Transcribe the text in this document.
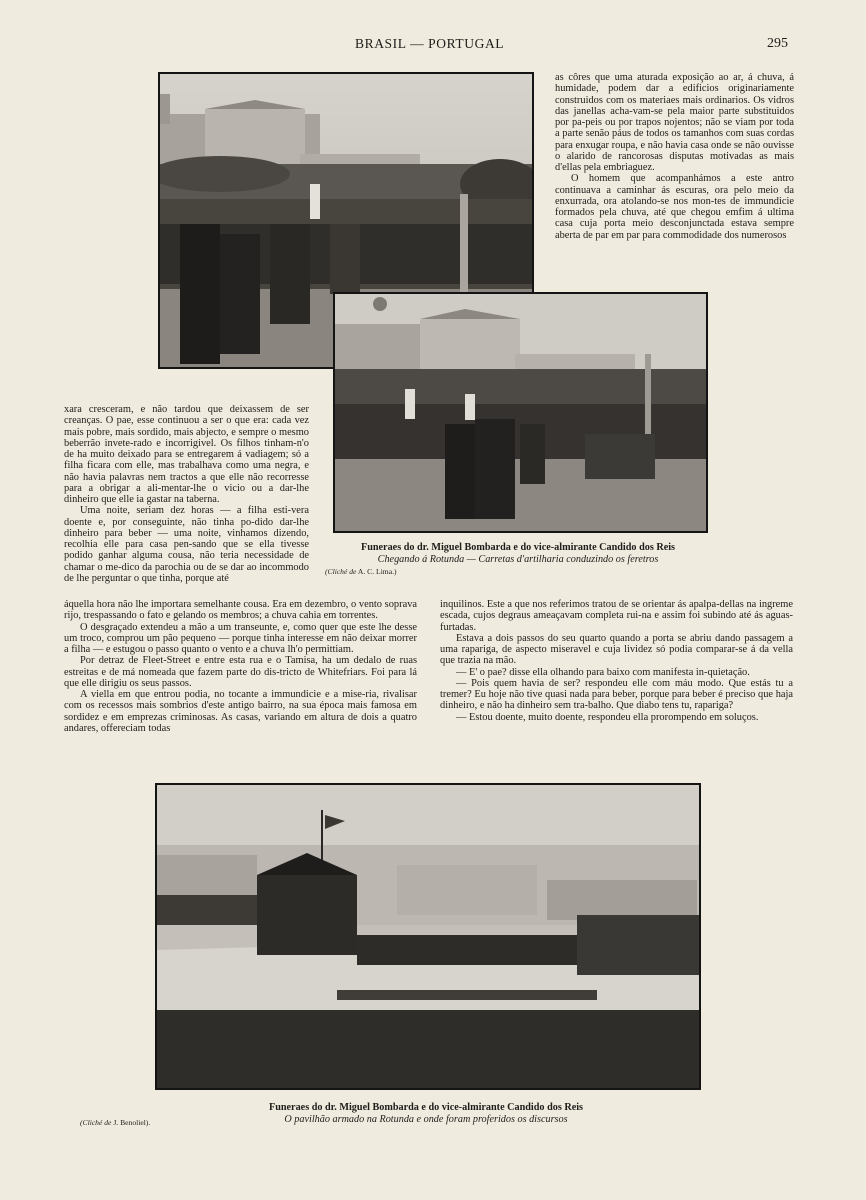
BRASIL — PORTUGAL	295

as côres que uma aturada exposição ao ar, á chuva, á humidade, podem dar a edificios originariamente construidos com os materiaes mais ordinarios. Os vidros das janellas acha-vam-se pela maior parte substituidos por pa-peis ou por trapos nojentos; não se viam por toda a parte senão páus de todos os tamanhos com suas cordas para enxugar roupa, e não havia casa onde se não ouvisse o alarido de rancorosas disputas motivadas as mais d'ellas pela embriaguez.

O homem que acompanhámos a este antro continuava a caminhar ás escuras, ora pelo meio da enxurrada, ora atolando-se nos mon-tes de immundicie formados pela chuva, até que chegou emfim á ultima casa cuja porta meio desconjunctada estava sempre aberta de par em par para commodidade dos numerosos

xara cresceram, e não tardou que deixassem de ser creanças. O pae, esse continuou a ser o que era: cada vez mais pobre, mais sordido, mais abjecto, e sempre o mesmo beberrão invete-rado e incorrigivel. Os filhos tinham-n'o de ha muito deixado para se entregarem á vadiagem; só a filha ficara com elle, mas trabalhava como uma negra, e não havia palavras nem tractos a que elle não recorresse para a obrigar a ali-mentar-lhe o vicio ou a dar-lhe dinheiro que elle ia gastar na taberna.

Uma noite, seriam dez horas — a filha esti-vera doente e, por conseguinte, não tinha po-dido dar-lhe dinheiro para beber — uma noite, vinhamos dizendo, recolhia elle para casa pen-sando que se ella tivesse podido ganhar alguma cousa, não teria necessidade de chamar o me-dico da parochia ou de se dar ao incommodo de lhe perguntar o que tinha, porque até

Funeraes do dr. Miguel Bombarda e do vice-almirante Candido dos Reis
Chegando á Rotunda — Carretas d'artilharia conduzindo os feretros
(Cliché de A. C. Lima.)

áquella hora não lhe importara semelhante cousa. Era em dezembro, o vento soprava rijo, trespassando o fato e gelando os membros; a chuva cahia em torrentes.

O desgraçado extendeu a mão a um transeunte, e, como quer que este lhe desse um troco, comprou um pão pequeno — porque tinha interesse em não deixar morrer a filha — e estugou o passo quanto o vento e a chuva lh'o permittiam.

Por detraz de Fleet-Street e entre esta rua e o Tamisa, ha um dedalo de ruas estreitas e de má nomeada que fazem parte do dis-tricto de Whitefriars. Foi para lá que elle dirigiu os seus passos.

A viella em que entrou podia, no tocante a immundicie e a mise-ria, rivalisar com os recessos mais sombrios d'este antigo bairro, na sua época mais famosa em sordidez e em emprezas criminosas. As casas, variando em altura de dois a quatro andares, offereciam todas

inquilinos. Este a que nos referimos tratou de se orientar ás apalpa-dellas na ingreme escada, cujos degraus ameaçavam completa rui-na e assim foi subindo até ás aguas-furtadas.

Estava a dois passos do seu quarto quando a porta se abriu dando passagem a uma rapariga, de aspecto miseravel e cuja lividez só podia comparar-se á da vella que trazia na mão.

— E' o pae? disse ella olhando para baixo com manifesta in-quietação.

— Pois quem havia de ser? respondeu elle com máu modo. Que estás tu a tremer? Eu hoje não tive quasi nada para beber, porque para beber é preciso que haja dinheiro, e não ha dinheiro sem tra-balho. Que diabo tens tu, rapariga?

— Estou doente, muito doente, respondeu ella prorompendo em soluços.

Funeraes do dr. Miguel Bombarda e do vice-almirante Candido dos Reis
O pavilhão armado na Rotunda e onde foram proferidos os discursos
(Cliché de J. Benoliel).
